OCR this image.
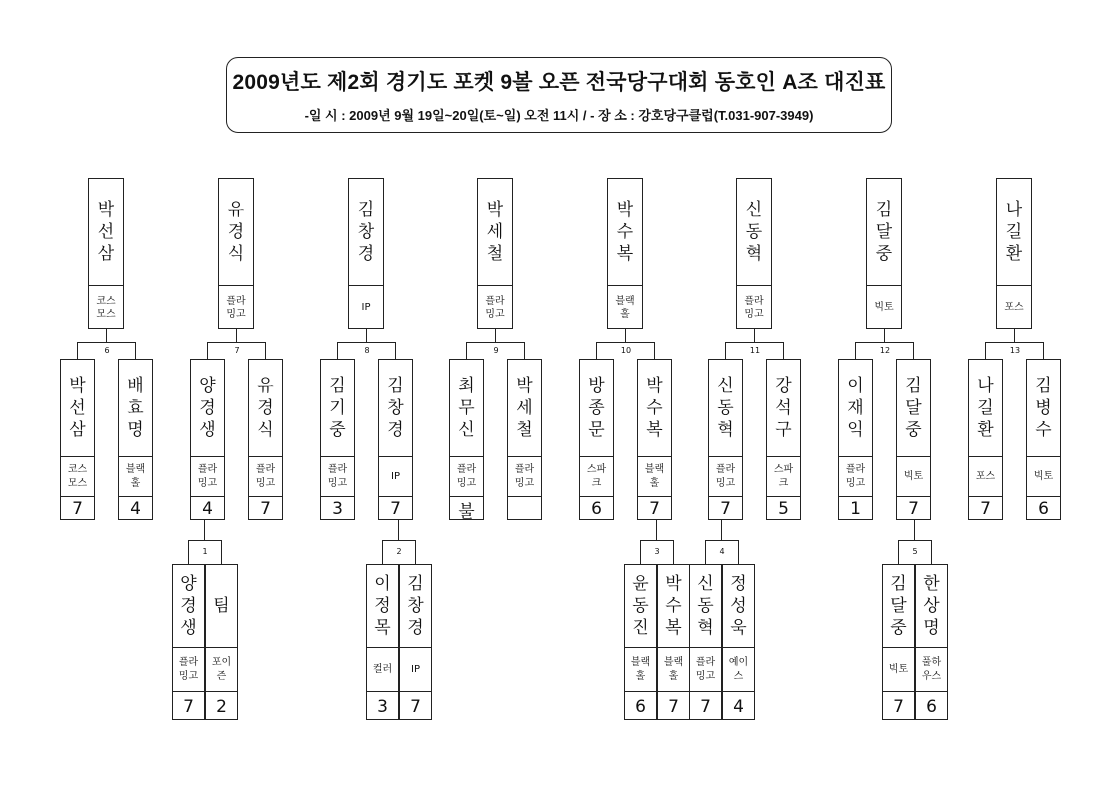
2009년도 제2회 경기도 포켓 9볼 오픈 전국당구대회 동호인 A조 대진표
-일 시 : 2009년 9월 19일~20일(토~일) 오전 11시 / - 장 소 : 강호당구클럽(T.031-907-3949)
박
선
삼
코스
모스
유
경
식
플라
밍고
김
창
경
IP
박
세
철
플라
밍고
박
수
복
블랙
홀
신
동
혁
플라
밍고
김
달
중
빅토
나
길
환
포스
6
박
선
삼
코스
모스
7
배
효
명
블랙
홀
4
7
양
경
생
플라
밍고
4
유
경
식
플라
밍고
7
8
김
기
중
플라
밍고
3
김
창
경
IP
7
9
최
무
신
플라
밍고
불
박
세
철
플라
밍고
10
방
종
문
스파
크
6
박
수
복
블랙
홀
7
11
신
동
혁
플라
밍고
7
강
석
구
스파
크
5
12
이
재
익
플라
밍고
1
김
달
중
빅토
7
13
나
길
환
포스
7
김
병
수
빅토
6
1
양
경
생
플라
밍고
7
팀
포이
즌
2
2
이
정
목
컬러
3
김
창
경
IP
7
3
윤
동
진
블랙
홀
6
박
수
복
블랙
홀
7
4
신
동
혁
플라
밍고
7
정
성
욱
예이
스
4
5
김
달
중
빅토
7
한
상
명
풀하
우스
6
